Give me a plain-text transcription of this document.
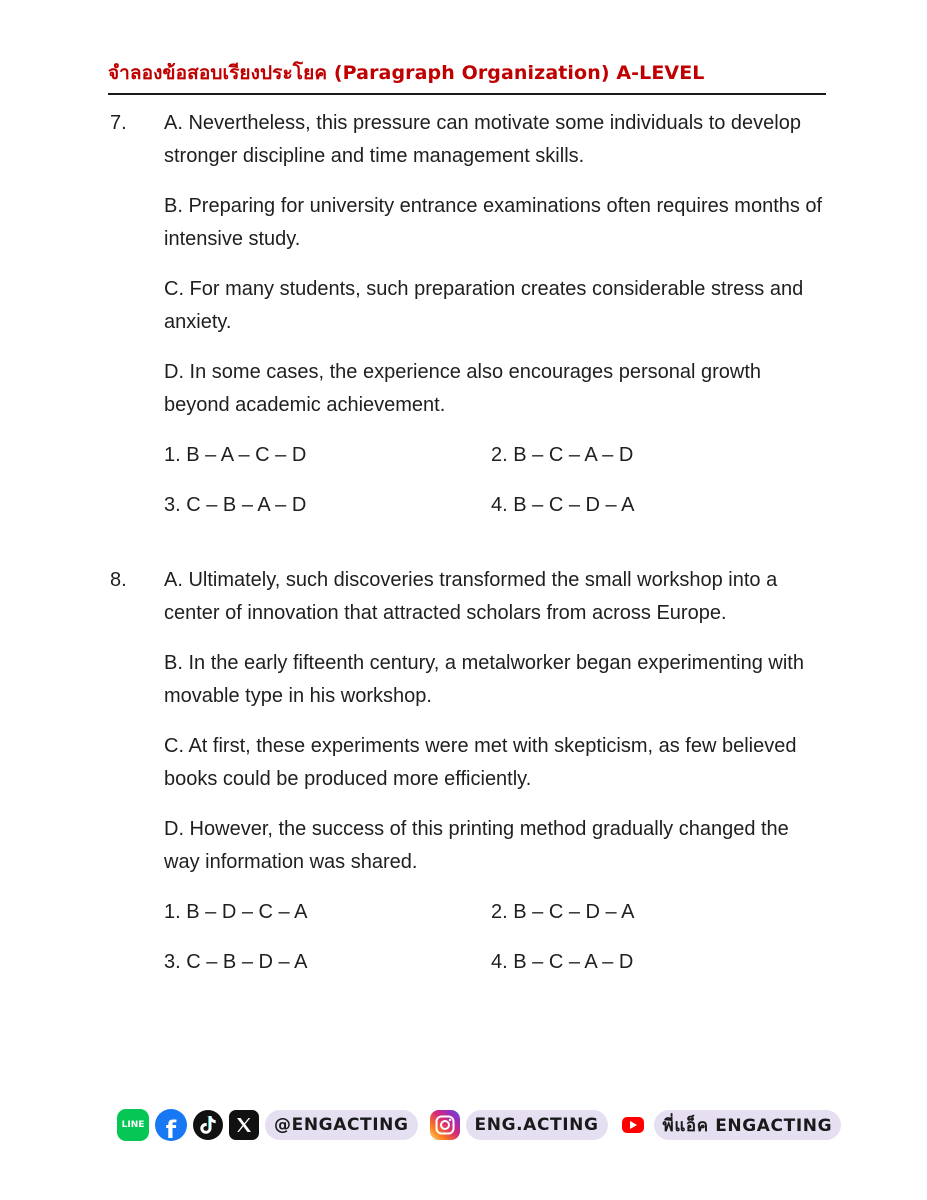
จำลองข้อสอบเรียงประโยค (Paragraph Organization) A-LEVEL
7. A. Nevertheless, this pressure can motivate some individuals to develop stronger discipline and time management skills.

B. Preparing for university entrance examinations often requires months of intensive study.

C. For many students, such preparation creates considerable stress and anxiety.

D. In some cases, the experience also encourages personal growth beyond academic achievement.

1. B – A – C – D	2. B – C – A – D
3. C – B – A – D	4. B – C – D – A
8. A. Ultimately, such discoveries transformed the small workshop into a center of innovation that attracted scholars from across Europe.

B. In the early fifteenth century, a metalworker began experimenting with movable type in his workshop.

C. At first, these experiments were met with skepticism, as few believed books could be produced more efficiently.

D. However, the success of this printing method gradually changed the way information was shared.

1. B – D – C – A	2. B – C – D – A
3. C – B – D – A	4. B – C – A – D
LINE f	@ENGACTING	ENG.ACTING	พี่แอ็ค ENGACTING
